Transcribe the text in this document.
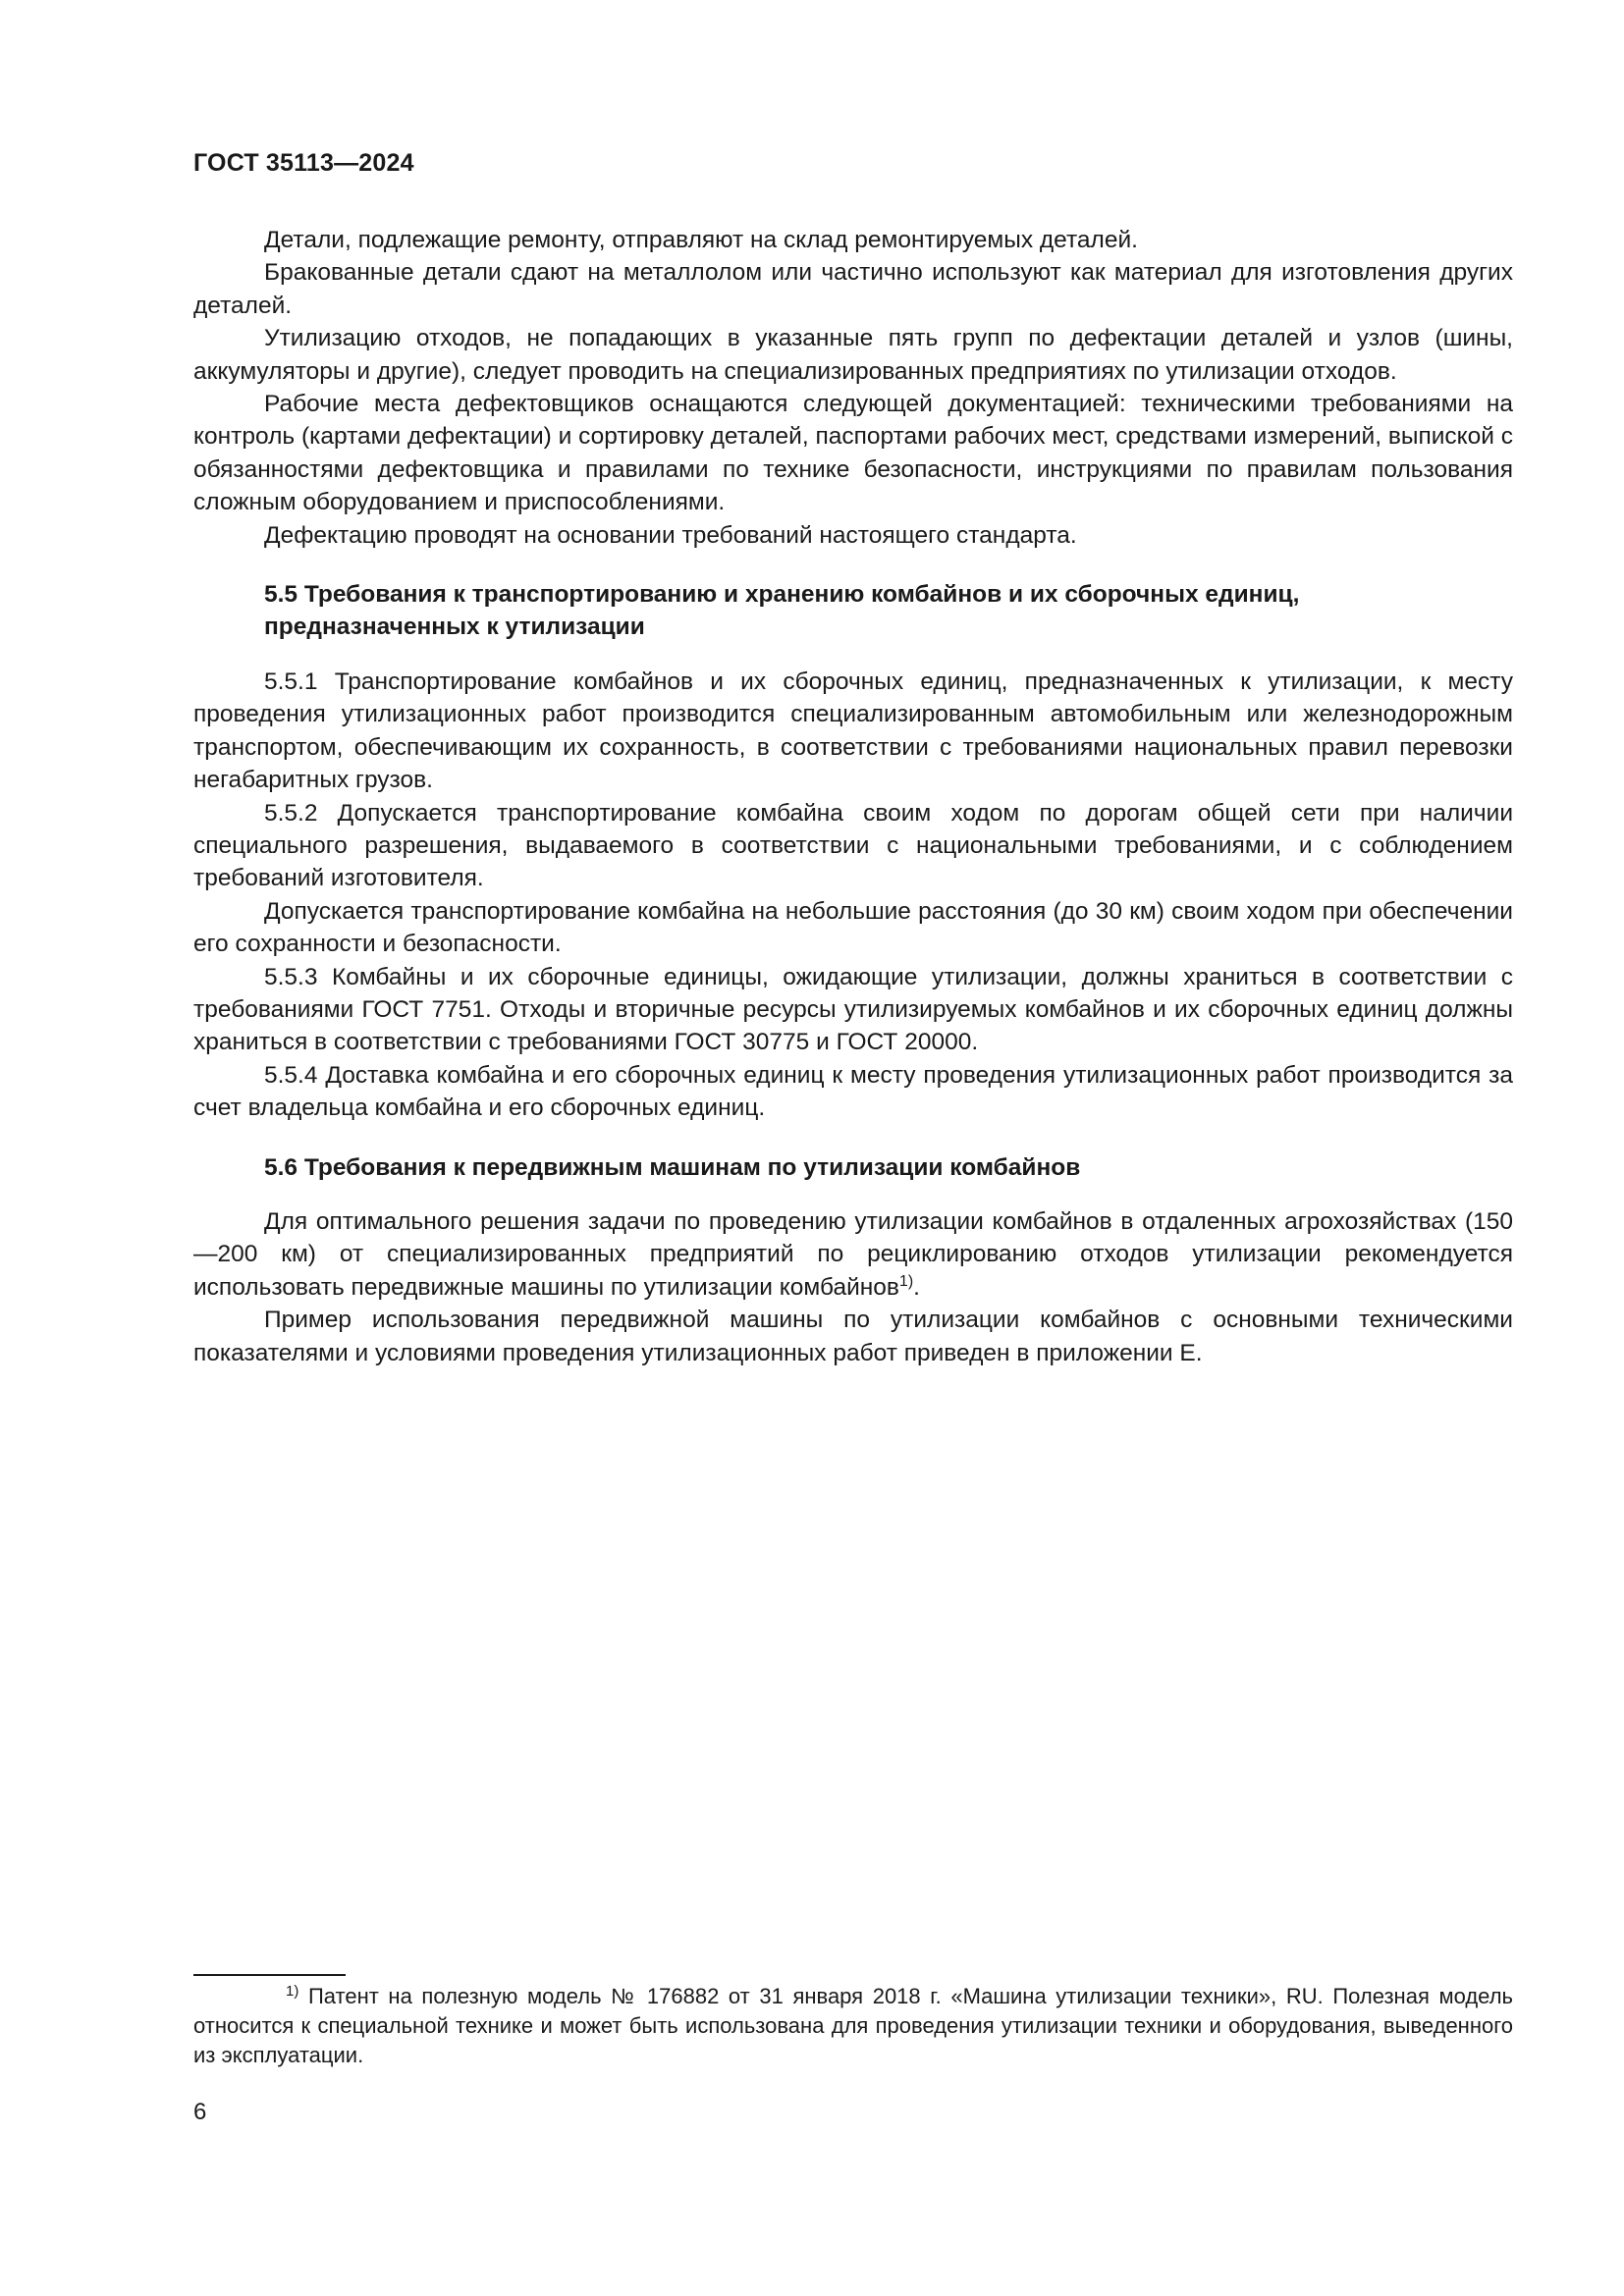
ГОСТ 35113—2024

Детали, подлежащие ремонту, отправляют на склад ремонтируемых деталей.

Бракованные детали сдают на металлолом или частично используют как материал для изготовления других деталей.

Утилизацию отходов, не попадающих в указанные пять групп по дефектации деталей и узлов (шины, аккумуляторы и другие), следует проводить на специализированных предприятиях по утилизации отходов.

Рабочие места дефектовщиков оснащаются следующей документацией: техническими требованиями на контроль (картами дефектации) и сортировку деталей, паспортами рабочих мест, средствами измерений, выпиской с обязанностями дефектовщика и правилами по технике безопасности, инструкциями по правилам пользования сложным оборудованием и приспособлениями.

Дефектацию проводят на основании требований настоящего стандарта.

5.5 Требования к транспортированию и хранению комбайнов и их сборочных единиц, предназначенных к утилизации

5.5.1 Транспортирование комбайнов и их сборочных единиц, предназначенных к утилизации, к месту проведения утилизационных работ производится специализированным автомобильным или железнодорожным транспортом, обеспечивающим их сохранность, в соответствии с требованиями национальных правил перевозки негабаритных грузов.

5.5.2 Допускается транспортирование комбайна своим ходом по дорогам общей сети при наличии специального разрешения, выдаваемого в соответствии с национальными требованиями, и с соблюдением требований изготовителя.

Допускается транспортирование комбайна на небольшие расстояния (до 30 км) своим ходом при обеспечении его сохранности и безопасности.

5.5.3 Комбайны и их сборочные единицы, ожидающие утилизации, должны храниться в соответствии с требованиями ГОСТ 7751. Отходы и вторичные ресурсы утилизируемых комбайнов и их сборочных единиц должны храниться в соответствии с требованиями ГОСТ 30775 и ГОСТ 20000.

5.5.4 Доставка комбайна и его сборочных единиц к месту проведения утилизационных работ производится за счет владельца комбайна и его сборочных единиц.

5.6 Требования к передвижным машинам по утилизации комбайнов

Для оптимального решения задачи по проведению утилизации комбайнов в отдаленных агрохозяйствах (150—200 км) от специализированных предприятий по рециклированию отходов утилизации рекомендуется использовать передвижные машины по утилизации комбайнов$^{1)}$.

Пример использования передвижной машины по утилизации комбайнов с основными техническими показателями и условиями проведения утилизационных работ приведен в приложении Е.

$^{1)}$ Патент на полезную модель № 176882 от 31 января 2018 г. «Машина утилизации техники», RU. Полезная модель относится к специальной технике и может быть использована для проведения утилизации техники и оборудования, выведенного из эксплуатации.

6
